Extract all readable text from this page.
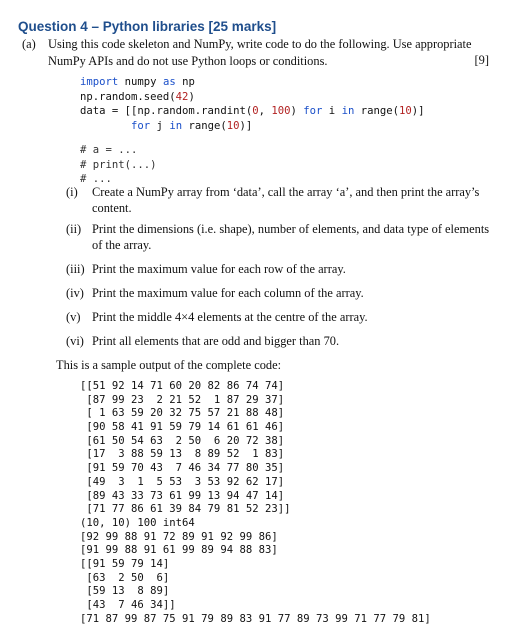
Question 4 – Python libraries [25 marks]
(a) Using this code skeleton and NumPy, write code to do the following. Use appropriate NumPy APIs and do not use Python loops or conditions.	[9]
import numpy as np
np.random.seed(42)
data = [[np.random.randint(0, 100) for i in range(10)]
for j in range(10)]
# a = ...
# print(...)
# ...
(i) Create a NumPy array from ‘data’, call the array ‘a’, and then print the array’s content.
(ii) Print the dimensions (i.e. shape), number of elements, and data type of elements of the array.
(iii) Print the maximum value for each row of the array.
(iv) Print the maximum value for each column of the array.
(v) Print the middle 4×4 elements at the centre of the array.
(vi) Print all elements that are odd and bigger than 70.
This is a sample output of the complete code:
[[51 92 14 71 60 20 82 86 74 74]
[87 99 23  2 21 52  1 87 29 37]
[ 1 63 59 20 32 75 57 21 88 48]
[90 58 41 91 59 79 14 61 61 46]
[61 50 54 63  2 50  6 20 72 38]
[17  3 88 59 13  8 89 52  1 83]
[91 59 70 43  7 46 34 77 80 35]
[49  3  1  5 53  3 53 92 62 17]
[89 43 33 73 61 99 13 94 47 14]
[71 77 86 61 39 84 79 81 52 23]]
(10, 10) 100 int64
[92 99 88 91 72 89 91 92 99 86]
[91 99 88 91 61 99 89 94 88 83]
[[91 59 79 14]
[63  2 50  6]
[59 13  8 89]
[43  7 46 34]]
[71 87 99 87 75 91 79 89 83 91 77 89 73 99 71 77 79 81]
